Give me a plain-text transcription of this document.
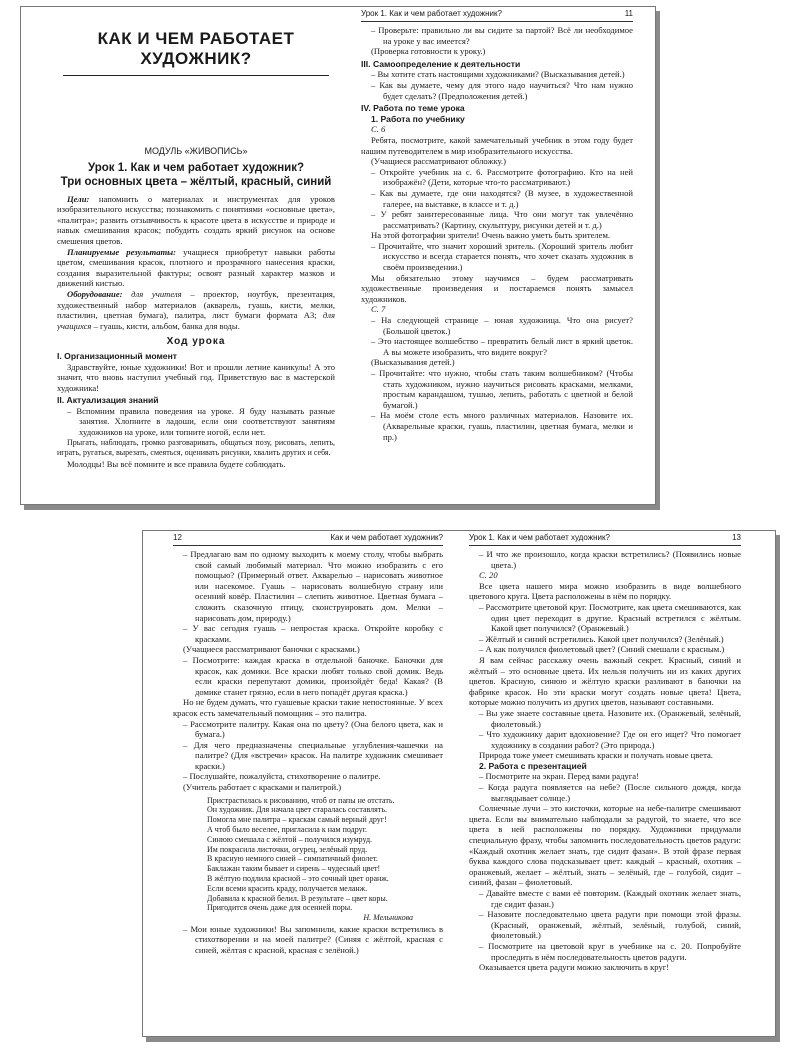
КАК И ЧЕМ РАБОТАЕТ
ХУДОЖНИК?
МОДУЛЬ «ЖИВОПИСЬ»
Урок 1. Как и чем работает художник?
Три основных цвета – жёлтый, красный, синий

Цели: напомнить о материалах и инструментах для уроков изобразительного искусства; познакомить с понятиями «основные цвета», «палитра»; развить отзывчивость к красоте цвета в искусстве и природе и навык смешивания красок; побудить создать яркий рисунок на основе смешения цветов.

Планируемые результаты: учащиеся приобретут навыки работы цветом, смешивания красок, плотного и прозрачного нанесения краски, создания выразительной фактуры; освоят разный характер мазков и движений кистью.

Оборудование: для учителя – проектор, ноутбук, презентация, художественный набор материалов (акварель, гуашь, кисти, мелки, пластилин, цветная бумага), палитра, лист бумаги формата А3; для учащихся – гуашь, кисти, альбом, банка для воды.

Ход урока
I. Организационный момент

Здравствуйте, юные художники! Вот и прошли летние каникулы! А это значит, что вновь наступил учебный год. Приветствую вас в мастерской художника!

II. Актуализация знаний

– Вспомним правила поведения на уроке. Я буду называть разные занятия. Хлопните в ладоши, если они соответствуют занятиям художников на уроке, или топните ногой, если нет.

Прыгать, наблюдать, громко разговаривать, общаться позу, рисовать, лепить, играть, ругаться, вырезать, смеяться, оценивать рисунки, хвалить других и себя.

Молодцы! Вы всё помните и все правила будете соблюдать.

Урок 1. Как и чем работает художник?	11

– Проверьте: правильно ли вы сидите за партой? Всё ли необходимое на уроке у вас имеется?

(Проверка готовности к уроку.)

III. Самоопределение к деятельности

– Вы хотите стать настоящими художниками? (Высказывания детей.)

– Как вы думаете, чему для этого надо научиться? Что нам нужно будет сделать? (Предположения детей.)

IV. Работа по теме урока
1. Работа по учебнику
С. 6

Ребята, посмотрите, какой замечательный учебник в этом году будет нашим путеводителем в мир изобразительного искусства.

(Учащиеся рассматривают обложку.)

– Откройте учебник на с. 6. Рассмотрите фотографию. Кто на ней изображён? (Дети, которые что-то рассматривают.)

– Как вы думаете, где они находятся? (В музее, в художественной галерее, на выставке, в классе и т. д.)

– У ребят заинтересованные лица. Что они могут так увлечённо рассматривать? (Картину, скульптуру, рисунки детей и т. д.)

На этой фотографии зрители! Очень важно уметь быть зрителем.

– Прочитайте, что значит хороший зритель. (Хороший зритель любит искусство и всегда старается понять, что хочет сказать художник в своём произведении.)

Мы обязательно этому научимся – будем рассматривать художественные произведения и постараемся понять замысел художников.

С. 7

– На следующей странице – юная художница. Что она рисует? (Большой цветок.)

– Это настоящее волшебство – превратить белый лист в яркий цветок. А вы можете изобразить, что видите вокруг?

(Высказывания детей.)

– Прочитайте: что нужно, чтобы стать таким волшебником? (Чтобы стать художником, нужно научиться рисовать красками, мелками, простым карандашом, тушью, лепить, работать с цветной и белой бумагой.)

– На моём столе есть много различных материалов. Назовите их. (Акварельные краски, гуашь, пластилин, цветная бумага, мелки и пр.)

12	Как и чем работает художник?

– Предлагаю вам по одному выходить к моему столу, чтобы выбрать свой самый любимый материал. Что можно изобразить с его помощью? (Примерный ответ. Акварелью – нарисовать животное или насекомое. Гуашь – нарисовать волшебную страну или осенний ковёр. Пластилин – слепить животное. Цветная бумага – сложить сказочную птицу, сконструировать дом. Мелки – нарисовать дом, природу.)

– У вас сегодня гуашь – непростая краска. Откройте коробку с красками.

(Учащиеся рассматривают баночки с красками.)

– Посмотрите: каждая краска в отдельной баночке. Баночки для красок, как домики. Все краски любят только свой домик. Ведь если краски перепутают домики, произойдёт беда! Какая? (В домике станет грязно, если в него попадёт другая краска.)

Но не будем думать, что гуашевые краски такие непостоянные. У всех красок есть замечательный помощник – это палитра.

– Рассмотрите палитру. Какая она по цвету? (Она белого цвета, как и бумага.)

– Для чего предназначены специальные углубления-чашечки на палитре? (Для «встречи» красок. На палитре художник смешивает краски.)

– Послушайте, пожалуйста, стихотворение о палитре.

(Учитель работает с красками и палитрой.)

Пристрастилась к рисованию, чтоб от папы не отстать.
Он художник. Для начала цвет старалась составлять.
Помогла мне палитра – краскам самый верный друг!
А чтоб было веселее, пригласила к нам подруг.
Синюю смешала с жёлтой – получился изумруд.
Им покрасила листочки, огурец, зелёный пруд.
В красную немного синей – симпатичный фиолет.
Баклажан таким бывает и сирень – чудесный цвет!
В жёлтую подлила красной – это сочный цвет оранж.
Если всеми красить краду, получается меланж.
Добавила к красной белил. В результате – цвет коры.
Пригодится очень даже для осенней поры.
Н. Мельникова

– Мои юные художники! Вы запомнили, какие краски встретились в стихотворении и на моей палитре? (Синяя с жёлтой, красная с синей, жёлтая с красной, красная с зелёной.)

Урок 1. Как и чем работает художник?	13

– И что же произошло, когда краски встретились? (Появились новые цвета.)

С. 20

Все цвета нашего мира можно изобразить в виде волшебного цветового круга. Цвета расположены в нём по порядку.

– Рассмотрите цветовой круг. Посмотрите, как цвета смешиваются, как один цвет переходит в другие. Красный встретился с жёлтым. Какой цвет получился? (Оранжевый.)

– Жёлтый и синий встретились. Какой цвет получился? (Зелёный.)

– А как получился фиолетовый цвет? (Синий смешали с красным.)

Я вам сейчас расскажу очень важный секрет. Красный, синий и жёлтый – это основные цвета. Их нельзя получить ни из каких других цветов. Красную, синюю и жёлтую краски разливают в баночки на фабрике красок. Но эти краски могут создать новые цвета! Цвета, которые можно получить из других цветов, называют составными.

– Вы уже знаете составные цвета. Назовите их. (Оранжевый, зелёный, фиолетовый.)

– Что художнику дарит вдохновение? Где он его ищет? Что помогает художнику в создании работ? (Это природа.)

Природа тоже умеет смешивать краски и получать новые цвета.

2. Работа с презентацией

– Посмотрите на экран. Перед вами радуга!

– Когда радуга появляется на небе? (После сильного дождя, когда выглядывает солнце.)

Солнечные лучи – это кисточки, которые на небе-палитре смешивают цвета. Если вы внимательно наблюдали за радугой, то знаете, что все цвета в ней расположены по порядку. Художники придумали специальную фразу, чтобы запомнить последовательность цветов радуги: «Каждый охотник желает знать, где сидит фазан». В этой фразе первая буква каждого слова подсказывает цвет: каждый – красный, охотник – оранжевый, желает – жёлтый, знать – зелёный, где – голубой, сидит – синий, фазан – фиолетовый.

– Давайте вместе с вами её повторим. (Каждый охотник желает знать, где сидит фазан.)

– Назовите последовательно цвета радуги при помощи этой фразы. (Красный, оранжевый, жёлтый, зелёный, голубой, синий, фиолетовый.)

– Посмотрите на цветовой круг в учебнике на с. 20. Попробуйте проследить в нём последовательность цветов радуги.

Оказывается цвета радуги можно заключить в круг!
